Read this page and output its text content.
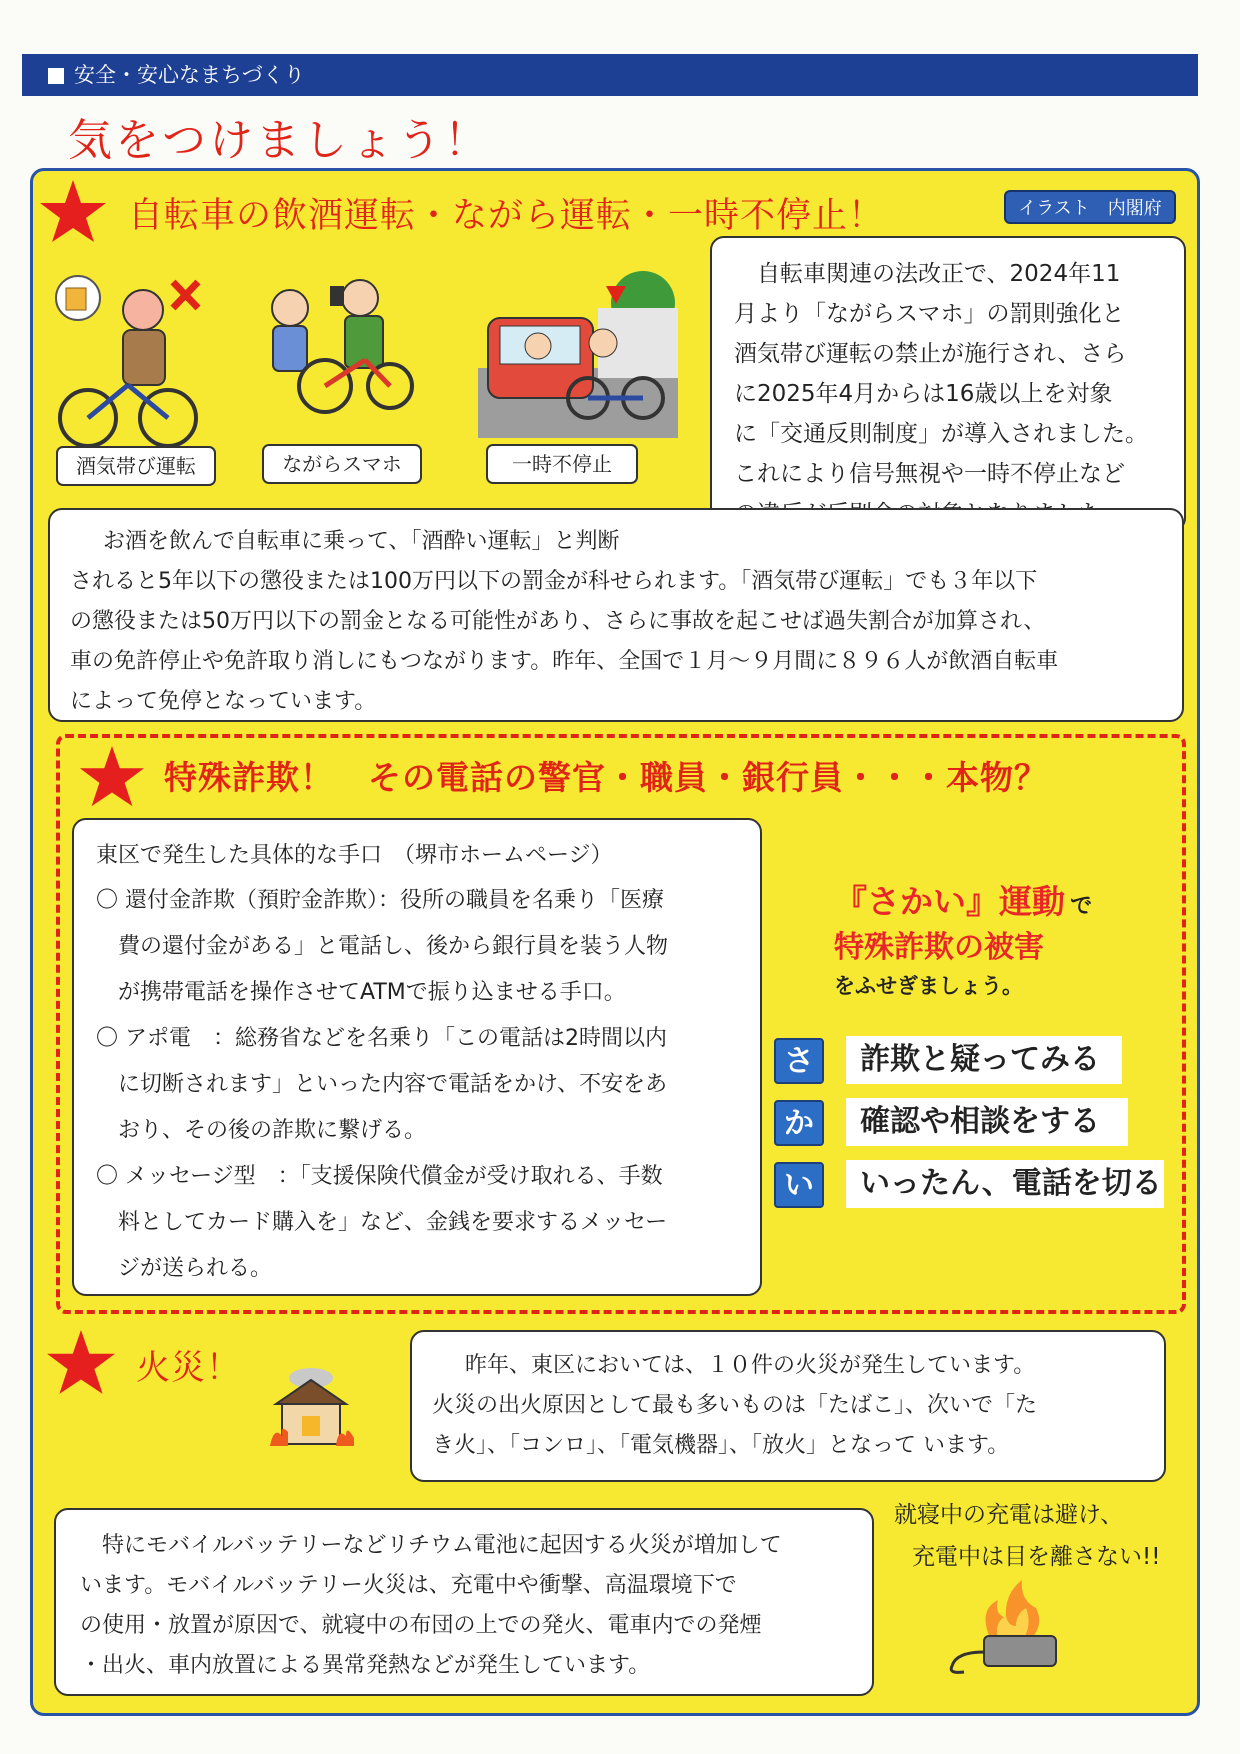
安全・安心なまちづくり
気をつけましょう！
自転車の飲酒運転・ながら運転・一時不停止！	イラスト　内閣府
酒気帯び運転	ながらスマホ	一時不停止
自転車関連の法改正で、2024年11
月より「ながらスマホ」の罰則強化と
酒気帯び運転の禁止が施行され、さら
に2025年4月からは16歳以上を対象
に「交通反則制度」が導入されました。
これにより信号無視や一時不停止など
お酒を飲んで自転車に乗って、「酒酔い運転」と判断
されると5年以下の懲役または100万円以下の罰金が科せられます。「酒気帯び運転」でも３年以下
の懲役または50万円以下の罰金となる可能性があり、さらに事故を起こせば過失割合が加算され、
車の免許停止や免許取り消しにもつながります。昨年、全国で１月～９月間に８９６人が飲酒自転車
によって免停となっています。
特殊詐欺！　その電話の警官・職員・銀行員・・・本物？
東区で発生した具体的な手口　（堺市ホームページ）
〇 還付金詐欺（預貯金詐欺）：役所の職員を名乗り「医療
費の還付金がある」と電話し、後から銀行員を装う人物
が携帯電話を操作させてATMで振り込ませる手口。
〇 アポ電　：総務省などを名乗り「この電話は2時間以内
に切断されます」といった内容で電話をかけ、不安をあ
おり、その後の詐欺に繋げる。
〇 メッセージ型　：「支援保険代償金が受け取れる、手数
料としてカード購入を」など、金銭を要求するメッセー
ジが送られる。
『さかい』運動 で
特殊詐欺の被害
をふせぎましょう。
さ	詐欺と疑ってみる
か	確認や相談をする
い	いったん、電話を切る
火災！	昨年、東区においては、１０件の火災が発生しています。
火災の出火原因として最も多いものは「たばこ」、次いで「た
き火」、「コンロ」、「電気機器」、「放火」となって います。
特にモバイルバッテリーなどリチウム電池に起因する火災が増加して
います。モバイルバッテリー火災は、充電中や衝撃、高温環境下で
の使用・放置が原因で、就寝中の布団の上での発火、電車内での発煙
・出火、車内放置による異常発熱などが発生しています。
就寝中の充電は避け、
充電中は目を離さない!!
